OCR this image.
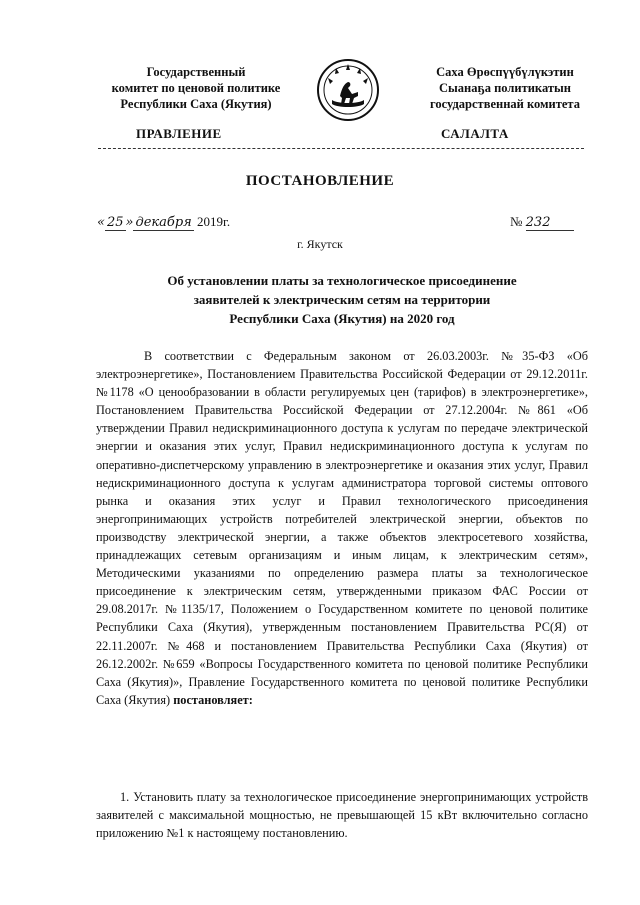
Государственный
комитет по ценовой политике
Республики Саха (Якутия)
Саха Өрөспүүбүлүкэтин
Сыанаҕа политикатын
государственнай комитета
ПРАВЛЕНИЕ	САЛАЛТА
ПОСТАНОВЛЕНИЕ
« 25 » декабря 2019г.	№ 232
г. Якутск
Об установлении платы за технологическое присоединение
заявителей к электрическим сетям на территории
Республики Саха (Якутия) на 2020 год

В соответствии с Федеральным законом от 26.03.2003г. №35-ФЗ «Об электроэнергетике», Постановлением Правительства Российской Федерации от 29.12.2011г. №1178 «О ценообразовании в области регулируемых цен (тарифов) в электроэнергетике», Постановлением Правительства Российской Федерации от 27.12.2004г. №861 «Об утверждении Правил недискриминационного доступа к услугам по передаче электрической энергии и оказания этих услуг, Правил недискриминационного доступа к услугам по оперативно-диспетчерскому управлению в электроэнергетике и оказания этих услуг, Правил недискриминационного доступа к услугам администратора торговой системы оптового рынка и оказания этих услуг и Правил технологического присоединения энергопринимающих устройств потребителей электрической энергии, объектов по производству электрической энергии, а также объектов электросетевого хозяйства, принадлежащих сетевым организациям и иным лицам, к электрическим сетям», Методическими указаниями по определению размера платы за технологическое присоединение к электрическим сетям, утвержденными приказом ФАС России от 29.08.2017г. №1135/17, Положением о Государственном комитете по ценовой политике Республики Саха (Якутия), утвержденным постановлением Правительства РС(Я) от 22.11.2007г. №468 и постановлением Правительства Республики Саха (Якутия) от 26.12.2002г. №659 «Вопросы Государственного комитета по ценовой политике Республики Саха (Якутия)», Правление Государственного комитета по ценовой политике Республики Саха (Якутия) постановляет:

1. Установить плату за технологическое присоединение энергопринимающих устройств заявителей с максимальной мощностью, не превышающей 15 кВт включительно согласно приложению №1 к настоящему постановлению.
